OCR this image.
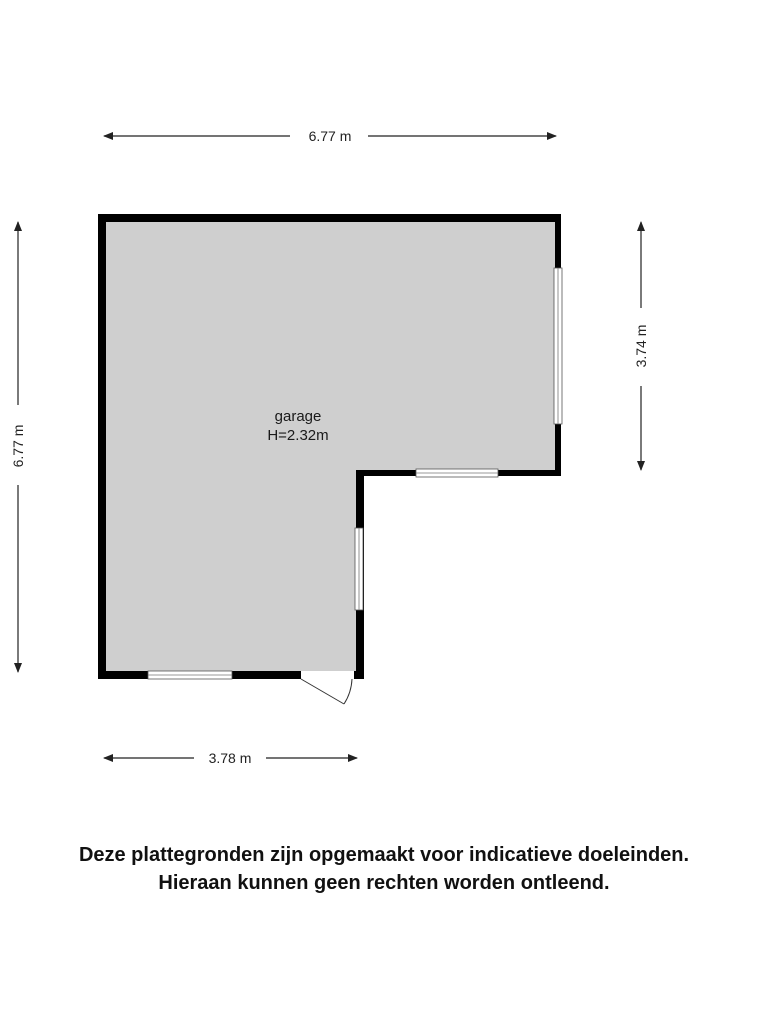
6.77 m
6.77 m
3.74 m
3.78 m
garage
H=2.32m
Deze plattegronden zijn opgemaakt voor indicatieve doeleinden.
Hieraan kunnen geen rechten worden ontleend.
